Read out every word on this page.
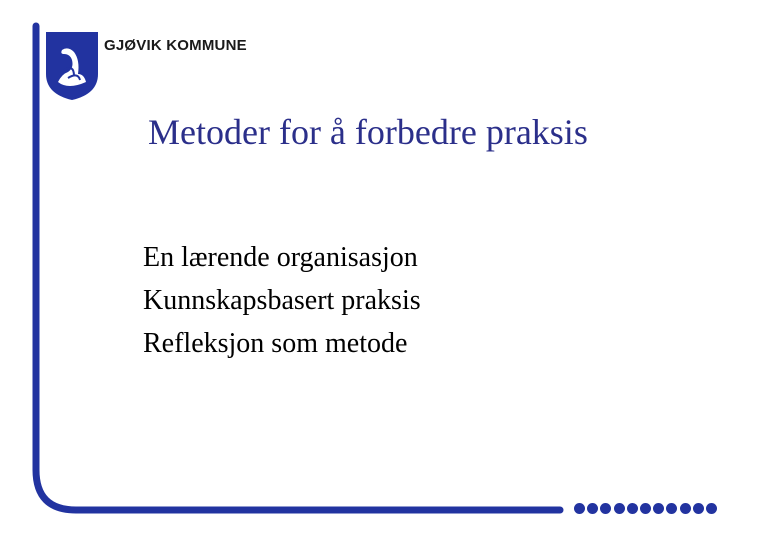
GJØVIK KOMMUNE
Metoder for å forbedre praksis
En lærende organisasjon
Kunnskapsbasert praksis
Refleksjon som metode
